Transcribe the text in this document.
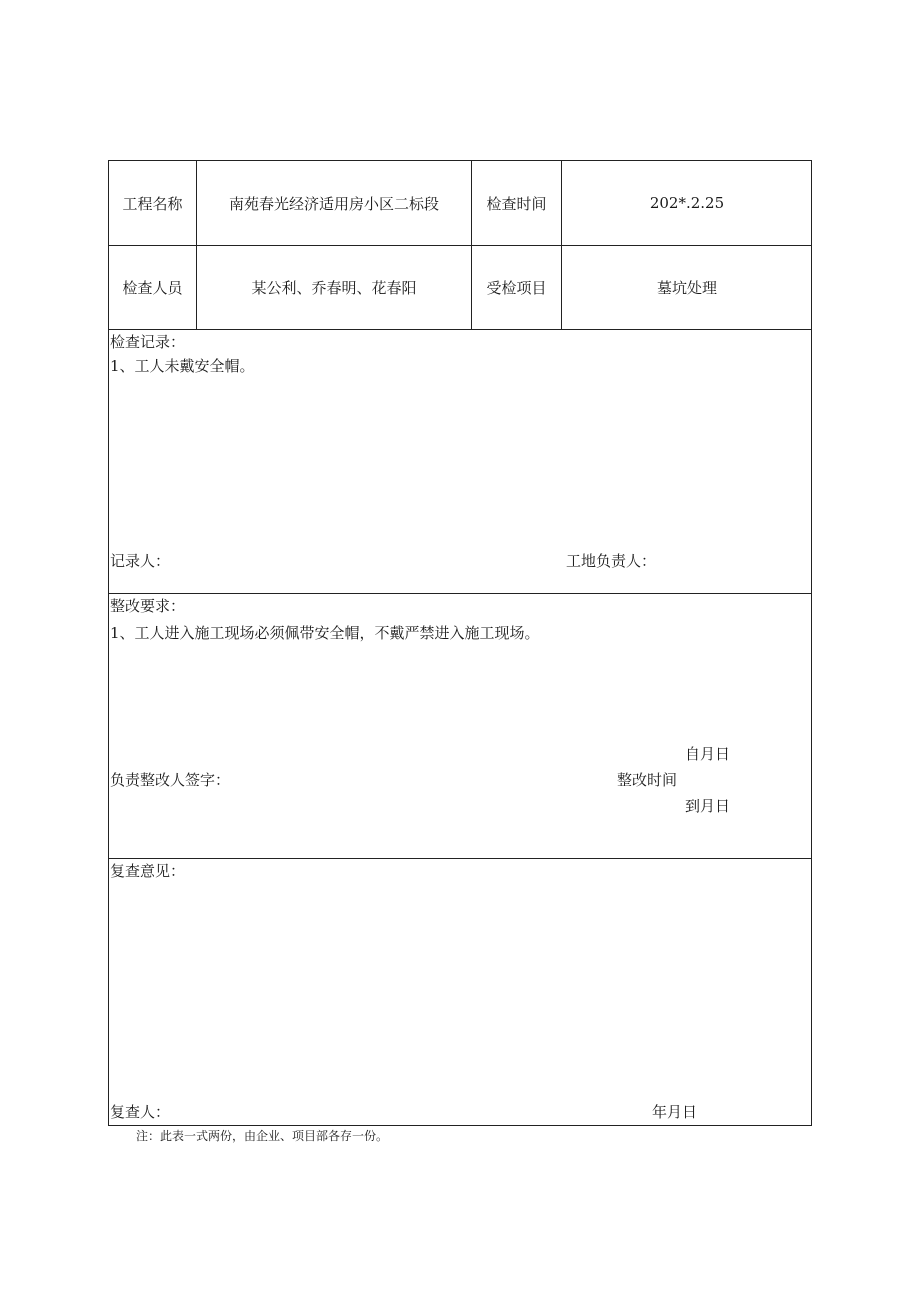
工程名称	南苑春光经济适用房小区二标段	检查时间	202*.2.25
检查人员	某公利、乔春明、花春阳	受检项目	墓坑处理
检查记录：
1、工人未戴安全帽。
记录人：	工地负责人：
整改要求：
1、工人进入施工现场必须佩带安全帽，不戴严禁进入施工现场。
自月日
负责整改人签字：	整改时间
到月日
复查意见：
复查人：	年月日
注：此表一式两份，由企业、项目部各存一份。
